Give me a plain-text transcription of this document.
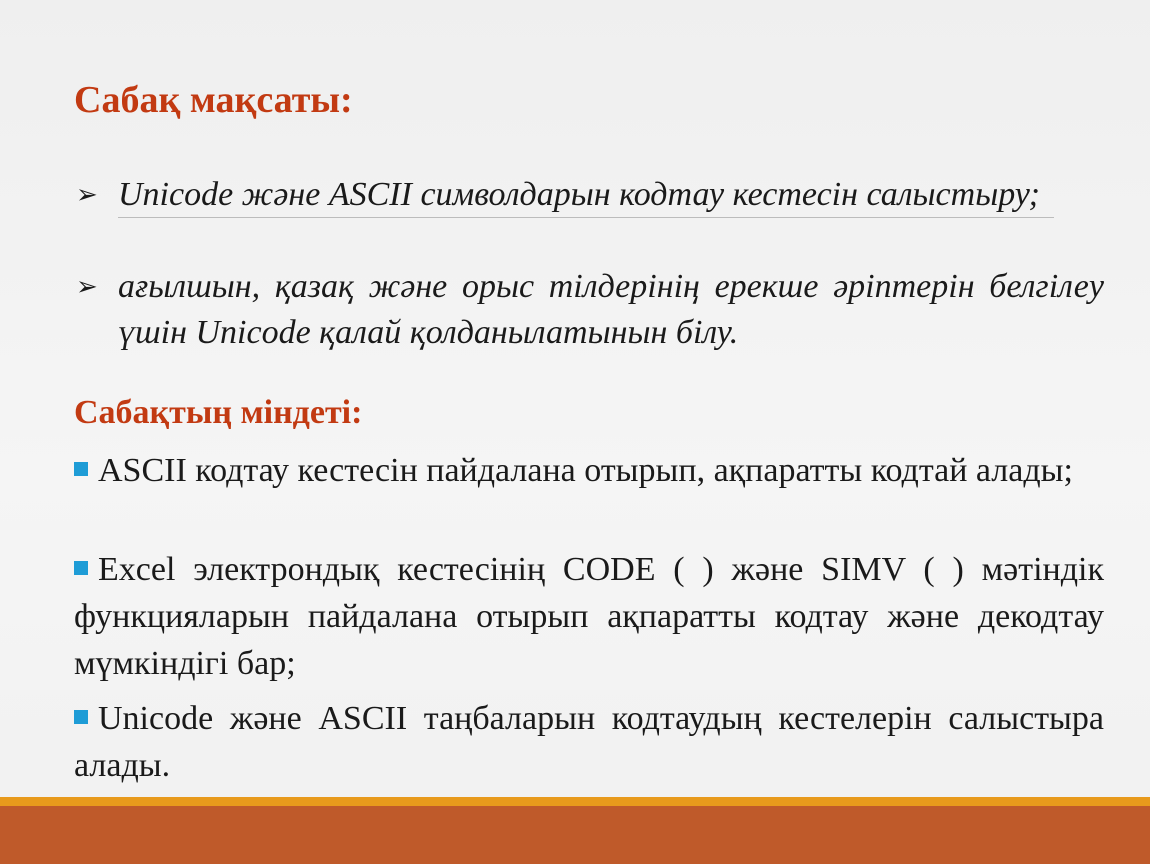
Сабақ мақсаты:
➢ Unicode және ASCII символдарын кодтау кестесін салыстыру;
➢ ағылшын, қазақ және орыс тілдерінің ерекше әріптерін белгілеу үшін Unicode қалай қолданылатынын білу.
Сабақтың міндеті:
ASCII кодтау кестесін пайдалана отырып, ақпаратты кодтай алады;
Excel электрондық кестесінің CODE ( ) және SIMV ( ) мәтіндік функцияларын пайдалана отырып ақпаратты кодтау және декодтау мүмкіндігі бар;
Unicode және ASCII таңбаларын кодтаудың кестелерін салыстыра алады.
